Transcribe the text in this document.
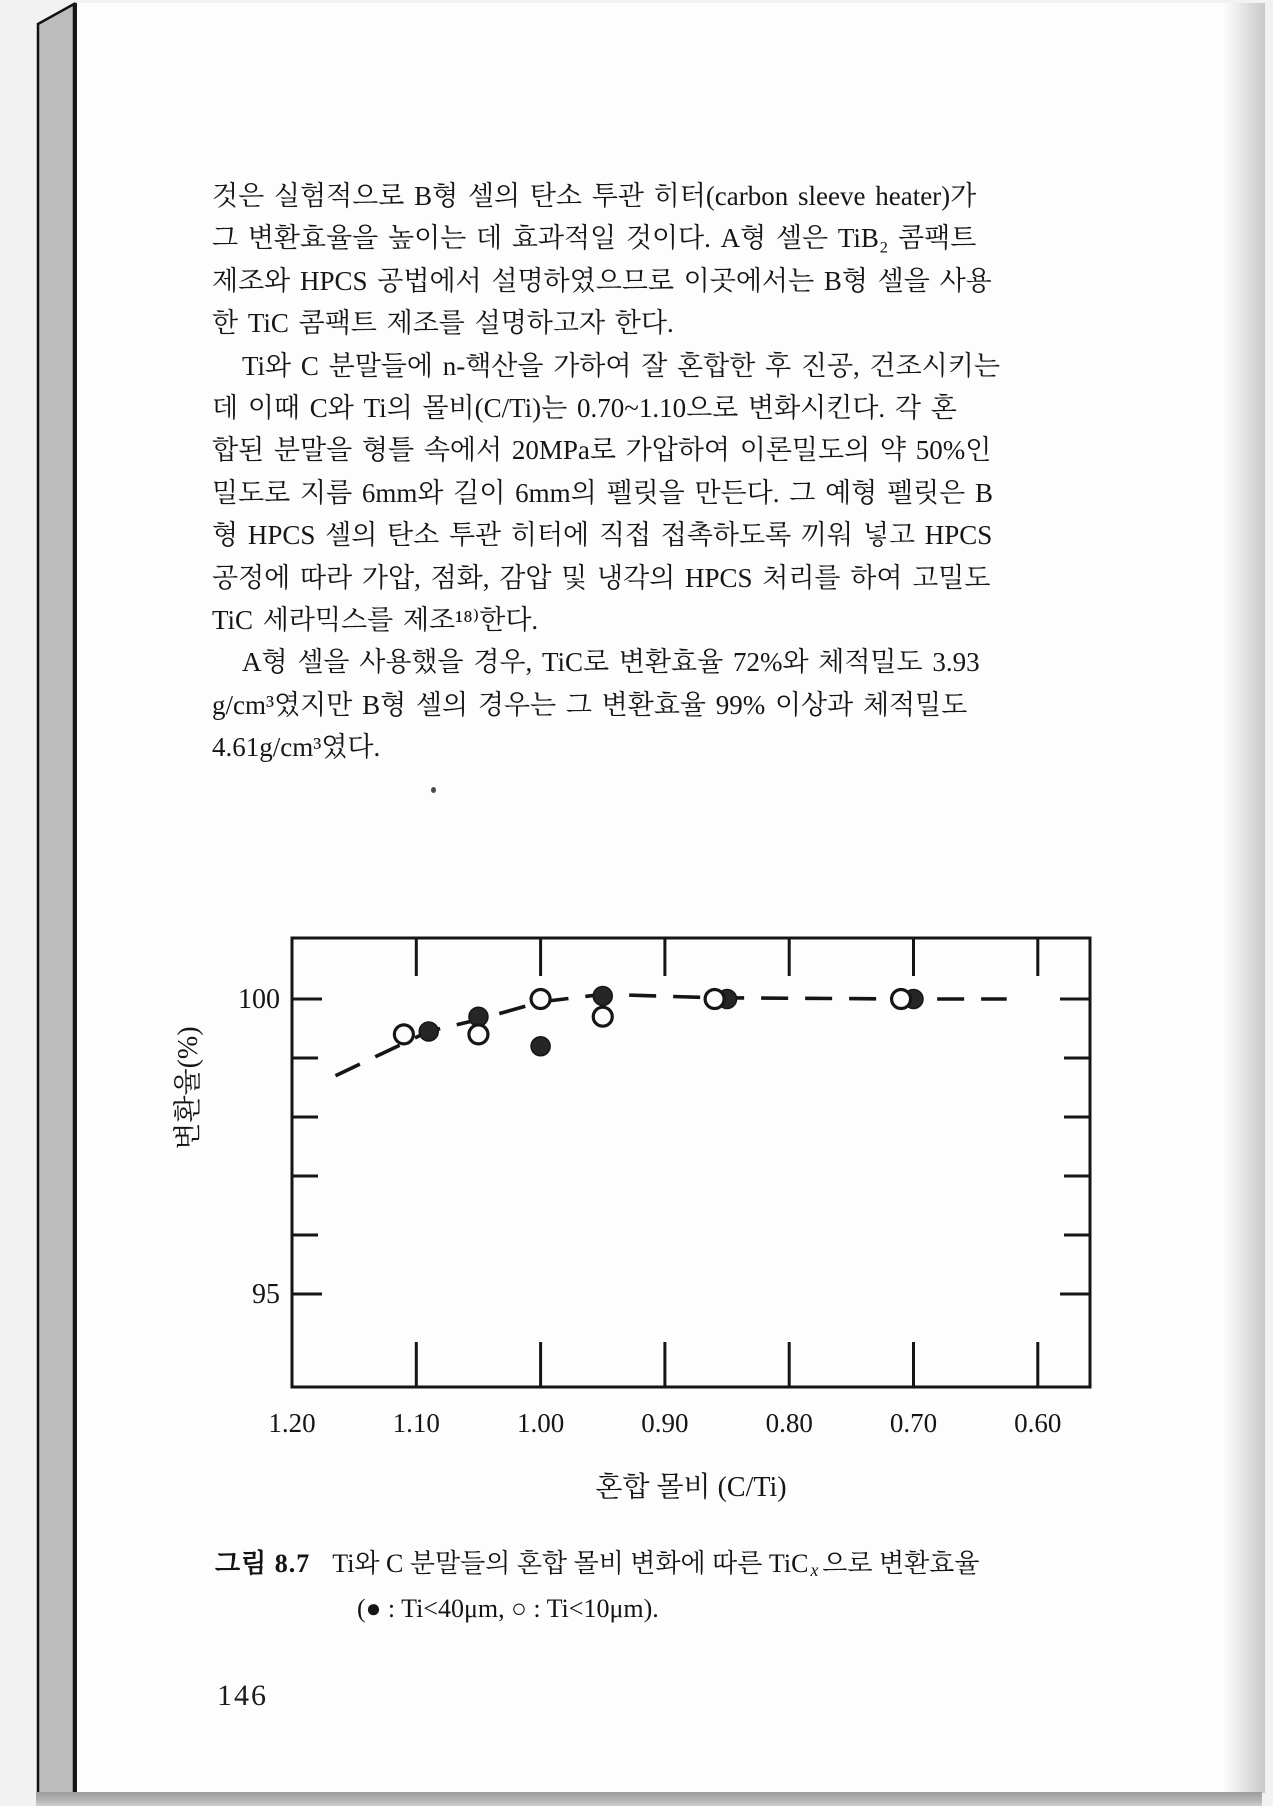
것은 실험적으로 B형 셀의 탄소 투관 히터(carbon sleeve heater)가
그 변환효율을 높이는 데 효과적일 것이다. A형 셀은 TiB₂ 콤팩트
제조와 HPCS 공법에서 설명하였으므로 이곳에서는 B형 셀을 사용
한 TiC 콤팩트 제조를 설명하고자 한다.
Ti와 C 분말들에 n-핵산을 가하여 잘 혼합한 후 진공, 건조시키는
데 이때 C와 Ti의 몰비(C/Ti)는 0.70~1.10으로 변화시킨다. 각 혼
합된 분말을 형틀 속에서 20MPa로 가압하여 이론밀도의 약 50%인
밀도로 지름 6mm와 길이 6mm의 펠릿을 만든다. 그 예형 펠릿은 B
형 HPCS 셀의 탄소 투관 히터에 직접 접촉하도록 끼워 넣고 HPCS
공정에 따라 가압, 점화, 감압 및 냉각의 HPCS 처리를 하여 고밀도
TiC 세라믹스를 제조¹⁸⁾한다.
A형 셀을 사용했을 경우, TiC로 변환효율 72%와 체적밀도 3.93
g/cm³였지만 B형 셀의 경우는 그 변환효율 99% 이상과 체적밀도
4.61g/cm³였다.
1.20	1.10	1.00	0.90	0.80	0.70	0.60
100
95
변환율(%)
혼합 몰비 (C/Ti)
그림 8.7 Ti와 C 분말들의 혼합 몰비 변화에 따른 TiC $_x$ 으로 변환효율
(● : Ti<40μm, ○ : Ti<10μm).
146
